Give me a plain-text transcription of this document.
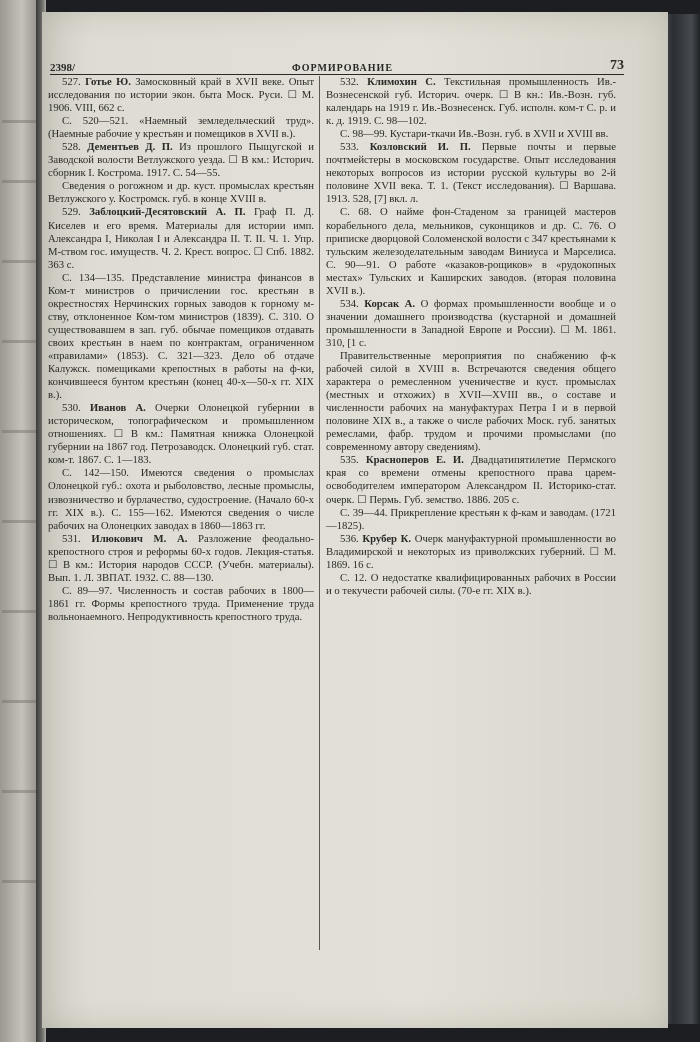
2398/	ФОРМИРОВАНИЕ	73

527. Готье Ю. Замосковный край в XVII веке. Опыт исследования по истории экон. быта Моск. Руси. ☐ М. 1906. VIII, 662 с.

С. 520—521. «Наемный земледельческий труд». (Наемные рабочие у крестьян и помещиков в XVII в.).

528. Дементьев Д. П. Из прошлого Пыщугской и Заводской волости Ветлужского уезда. ☐ В км.: Историч. сборник I. Кострома. 1917. С. 54—55.

Сведения о рогожном и др. куст. промыслах крестьян Ветлужского у. Костромск. губ. в конце XVIII в.

529. Заблоцкий-Десятовский А. П. Граф П. Д. Киселев и его время. Материалы для истории имп. Александра I, Николая I и Александра II. Т. II. Ч. 1. Упр. М-ством гос. имуществ. Ч. 2. Крест. вопрос. ☐ Спб. 1882. 363 с.

С. 134—135. Представление министра финансов в Ком-т министров о причислении гос. крестьян в окрестностях Нерчинских горных заводов к горному м-ству, отклоненное Ком-том министров (1839). С. 310. О существовавшем в зап. губ. обычае помещиков отдавать своих крестьян в наем по контрактам, ограниченном «правилами» (1853). С. 321—323. Дело об отдаче Калужск. помещиками крепостных в работы на ф-ки, кончившееся бунтом крестьян (конец 40-х—50-х гг. XIX в.).

530. Иванов А. Очерки Олонецкой губернии в историческом, топографическом и промышленном отношениях. ☐ В км.: Памятная книжка Олонецкой губернии на 1867 год. Петрозаводск. Олонецкий губ. стат. ком-т. 1867. С. 1—183.

С. 142—150. Имеются сведения о промыслах Олонецкой губ.: охота и рыболовство, лесные промыслы, извозничество и бурлачество, судостроение. (Начало 60-х гг. XIX в.). С. 155—162. Имеются сведения о числе рабочих на Олонецких заводах в 1860—1863 гг.

531. Илюкович М. А. Разложение феодально-крепостного строя и реформы 60-х годов. Лекция-статья. ☐ В км.: История народов СССР. (Учебн. материалы). Вып. 1. Л. ЗВПАТ. 1932. С. 88—130.

С. 89—97. Численность и состав рабочих в 1800—1861 гг. Формы крепостного труда. Применение труда вольнонаемного. Непродуктивность крепостного труда.

532. Климохин С. Текстильная промышленность Ив.-Вознесенской губ. Историч. очерк. ☐ В кн.: Ив.-Возн. губ. календарь на 1919 г. Ив.-Вознесенск. Губ. исполн. ком-т С. р. и к. д. 1919. С. 98—102.

С. 98—99. Кустари-ткачи Ив.-Возн. губ. в XVII и XVIII вв.

533. Козловский И. П. Первые почты и первые почтмейстеры в московском государстве. Опыт исследования некоторых вопросов из истории русской культуры во 2-й половине XVII века. Т. 1. (Текст исследования). ☐ Варшава. 1913. 528, [7] вкл. л.

С. 68. О найме фон-Стаденом за границей мастеров корабельного дела, мельников, суконщиков и др. С. 76. О приписке дворцовой Соломенской волости с 347 крестьянами к тульским железоделательным заводам Виниуса и Марселиса. С. 90—91. О работе «казаков-рощиков» в «рудокопных местах» Тульских и Каширских заводов. (вторая половина XVII в.).

534. Корсак А. О формах промышленности вообще и о значении домашнего производства (кустарной и домашней промышленности в Западной Европе и России). ☐ М. 1861. 310, [1 с.

Правительственные мероприятия по снабжению ф-к рабочей силой в XVIII в. Встречаются сведения общего характера о ремесленном ученичестве и куст. промыслах (местных и отхожих) в XVII—XVIII вв., о составе и численности рабочих на мануфактурах Петра I и в первой половине XIX в., а также о числе рабочих Моск. губ. занятых ремеслами, фабр. трудом и прочими промыслами (по современному автору сведениям).

535. Красноперов Е. И. Двадцатипятилетие Пермского края со времени отмены крепостного права царем-освободителем императором Александром II. Историко-стат. очерк. ☐ Пермь. Губ. земство. 1886. 205 с.

С. 39—44. Прикрепление крестьян к ф-кам и заводам. (1721—1825).

536. Крубер К. Очерк мануфактурной промышленности во Владимирской и некоторых из приволжских губерний. ☐ М. 1869. 16 с.

С. 12. О недостатке квалифицированных рабочих в России и о текучести рабочей силы. (70-е гг. XIX в.).
